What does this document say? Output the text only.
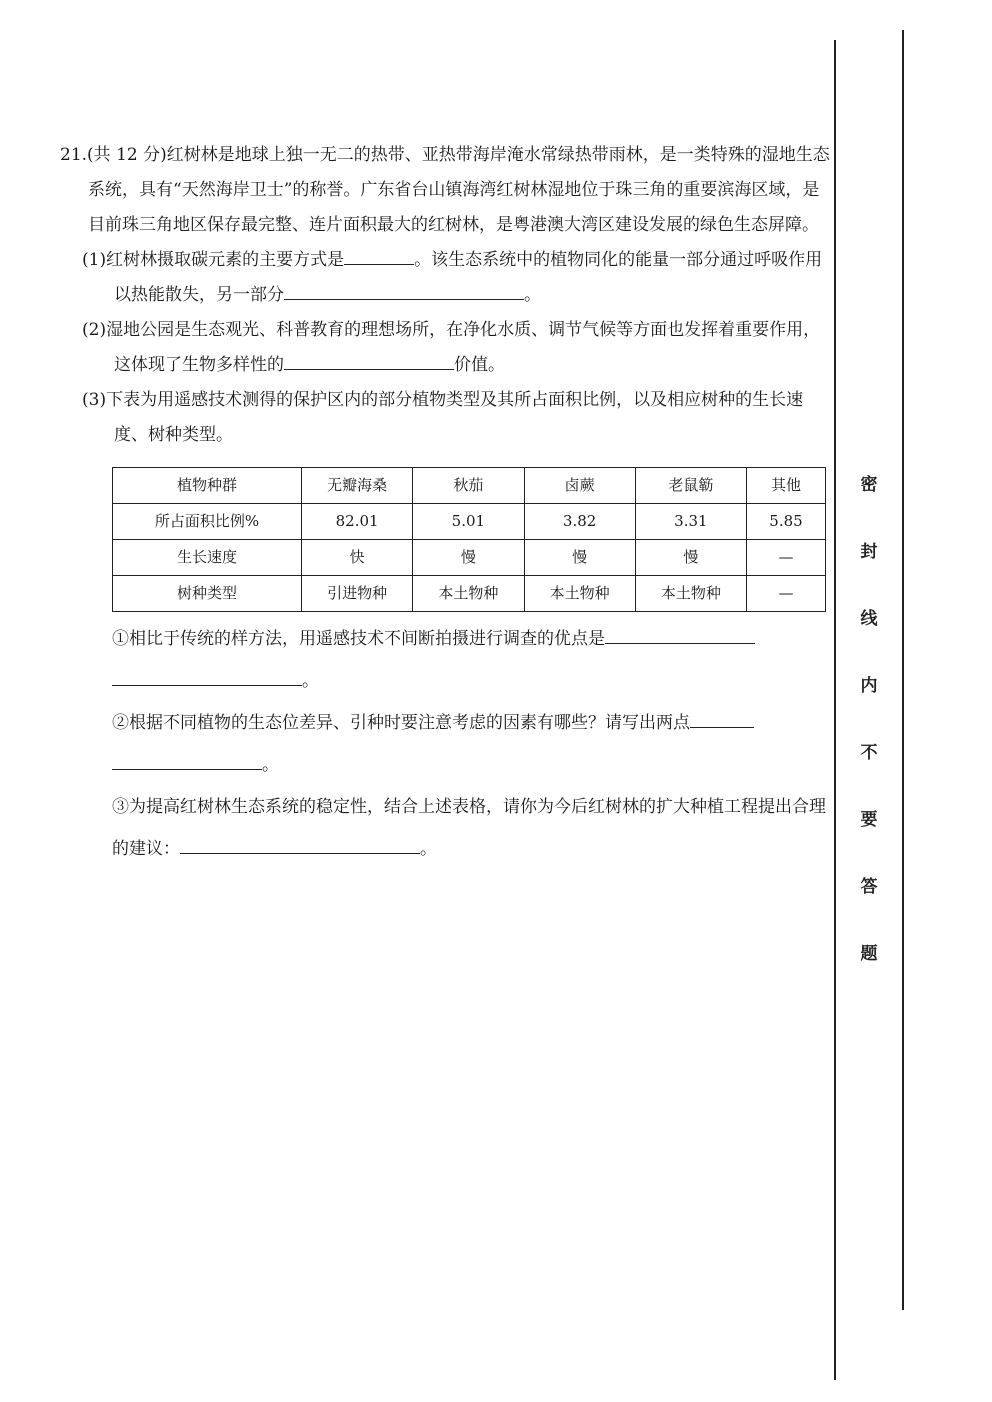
密
封
线
内
不
要
答
题

21.(共 12 分)红树林是地球上独一无二的热带、亚热带海岸淹水常绿热带雨林，是一类特殊的湿地生态系统，具有“天然海岸卫士”的称誉。广东省台山镇海湾红树林湿地位于珠三角的重要滨海区域，是目前珠三角地区保存最完整、连片面积最大的红树林，是粤港澳大湾区建设发展的绿色生态屏障。

(1)红树林摄取碳元素的主要方式是	。该生态系统中的植物同化的能量一部分通过呼吸作用以热能散失，另一部分	。

(2)湿地公园是生态观光、科普教育的理想场所，在净化水质、调节气候等方面也发挥着重要作用，这体现了生物多样性的	价值。

(3)下表为用遥感技术测得的保护区内的部分植物类型及其所占面积比例，以及相应树种的生长速度、树种类型。

植物种群	无瓣海桑	秋茄	卤蕨	老鼠簕	其他
所占面积比例%	82.01	5.01	3.82	3.31	5.85
生长速度	快	慢	慢	慢	—
树种类型	引进物种	本土物种	本土物种	本土物种	—

①相比于传统的样方法，用遥感技术不间断拍摄进行调查的优点是
。

②根据不同植物的生态位差异、引种时要注意考虑的因素有哪些？请写出两点
。

③为提高红树林生态系统的稳定性，结合上述表格，请你为今后红树林的扩大种植工程提出合理的建议：	。
